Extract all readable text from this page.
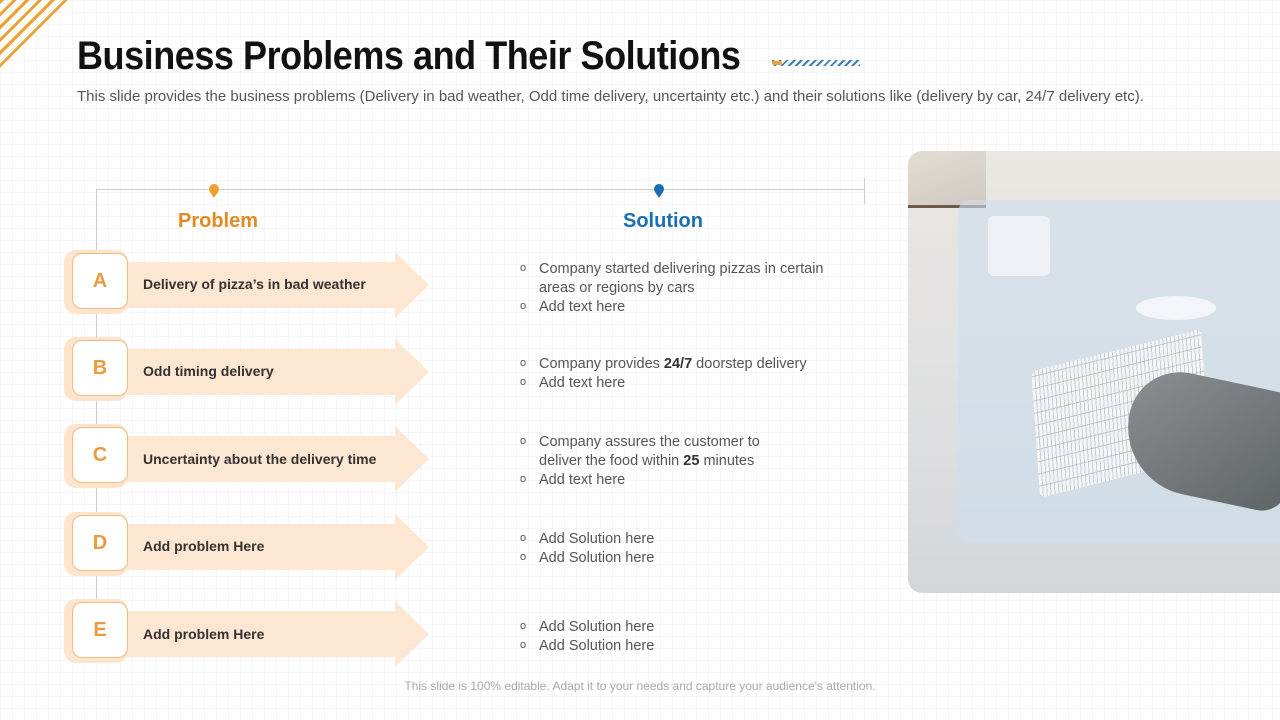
Business Problems and Their Solutions
This slide provides the business problems (Delivery in bad weather, Odd time delivery, uncertainty etc.) and their solutions like (delivery by car, 24/7 delivery etc).
Problem	Solution
A	Delivery of pizza’s in bad weather
o Company started delivering pizzas in certain areas or regions by cars
o Add text here
B	Odd timing delivery	o Company provides 24/7 doorstep delivery
o Add text here
C	Uncertainty about the delivery time
o Company assures the customer to deliver the food within 25 minutes
o Add text here
D	Add problem Here	o Add Solution here
o Add Solution here
E	Add problem Here	o Add Solution here
o Add Solution here
This slide is 100% editable. Adapt it to your needs and capture your audience's attention.
